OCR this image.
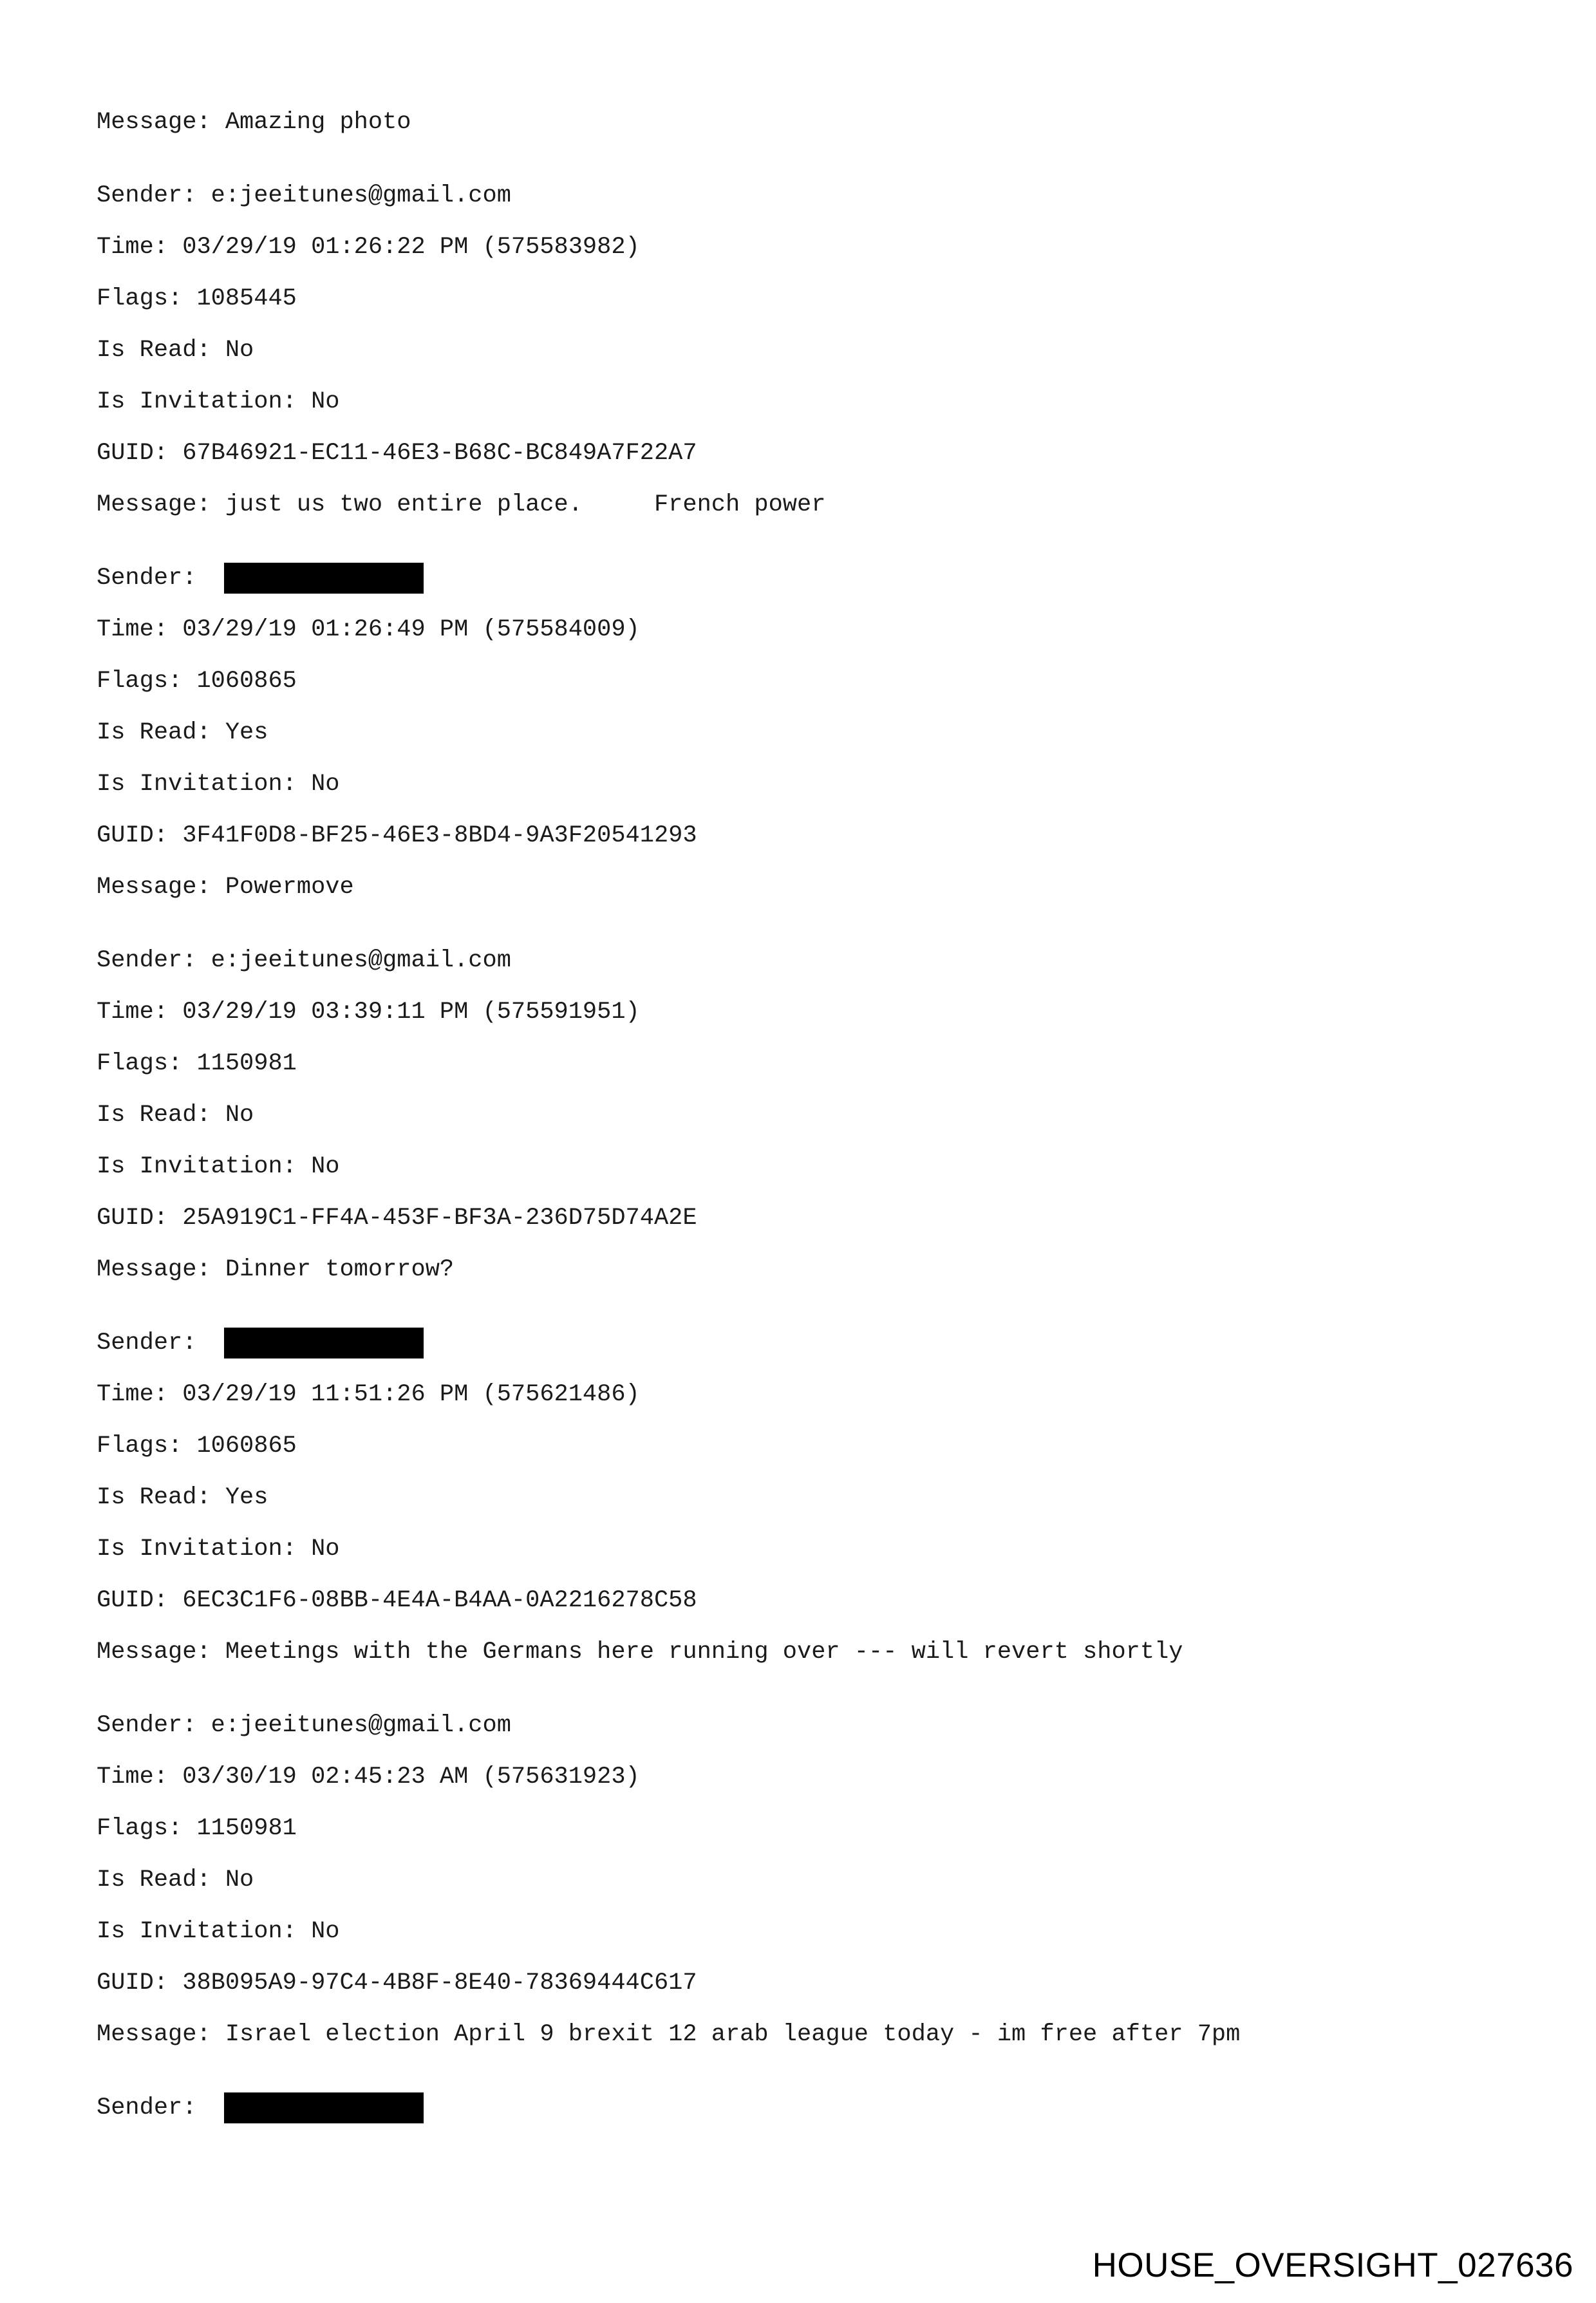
Message: Amazing photo
Sender: e:jeeitunes@gmail.com
Time: 03/29/19 01:26:22 PM (575583982)
Flags: 1085445
Is Read: No
Is Invitation: No
GUID: 67B46921-EC11-46E3-B68C-BC849A7F22A7
Message: just us two entire place.     French power
Sender:
Time: 03/29/19 01:26:49 PM (575584009)
Flags: 1060865
Is Read: Yes
Is Invitation: No
GUID: 3F41F0D8-BF25-46E3-8BD4-9A3F20541293
Message: Powermove
Sender: e:jeeitunes@gmail.com
Time: 03/29/19 03:39:11 PM (575591951)
Flags: 1150981
Is Read: No
Is Invitation: No
GUID: 25A919C1-FF4A-453F-BF3A-236D75D74A2E
Message: Dinner tomorrow?
Sender:
Time: 03/29/19 11:51:26 PM (575621486)
Flags: 1060865
Is Read: Yes
Is Invitation: No
GUID: 6EC3C1F6-08BB-4E4A-B4AA-0A2216278C58
Message: Meetings with the Germans here running over --- will revert shortly
Sender: e:jeeitunes@gmail.com
Time: 03/30/19 02:45:23 AM (575631923)
Flags: 1150981
Is Read: No
Is Invitation: No
GUID: 38B095A9-97C4-4B8F-8E40-78369444C617
Message: Israel election April 9 brexit 12 arab league today - im free after 7pm
Sender:
HOUSE_OVERSIGHT_027636
